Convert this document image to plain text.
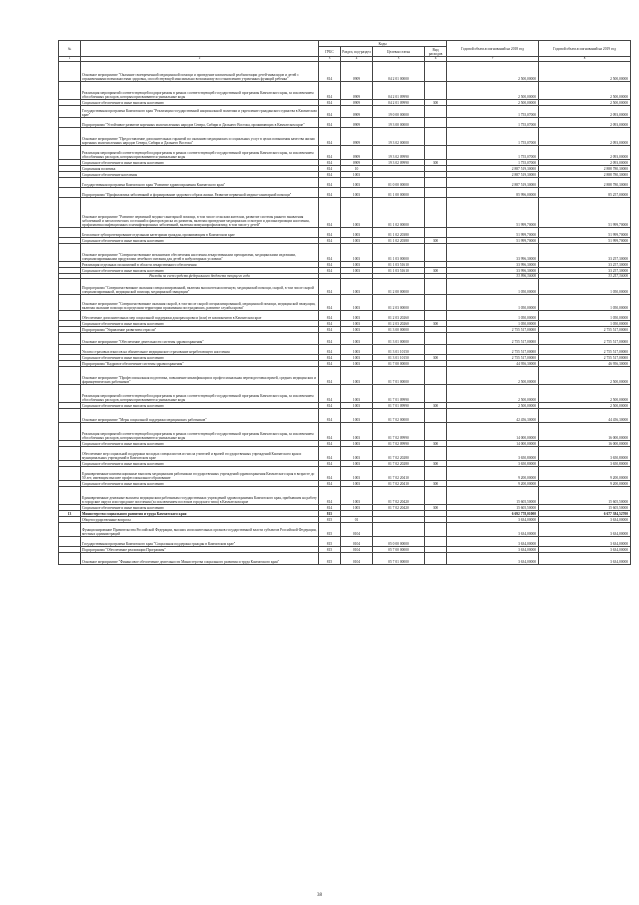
№		Коды				Годовой объем ассигнований на 2018 год	Годовой объем ассигнований на 2019 год
		ГРБС	Раздел, под-раздел	Целевая статья	Вид расходов		
1	2	3	4	5	6	7	8
	Основное мероприятие "Оказание своевременной медицинской помощи и проведение комплексной реабилитации детей-инвалидов и детей с ограниченными возможностями здоровья, способствующей максимально возможному восстановлению утраченных функций ребенка"	814	0909	04 2 01 00000		2 500,00000	2 500,00000
	Реализация мероприятий соответствующей подпрограммы в рамках соответствующей государственной программы Камчатского края, за исключением обособленных расходов, которым присваиваются уникальные коды	814	0909	04 2 01 09990		2 500,00000	2 500,00000
	Социальное обеспечение и иные выплаты населению	814	0909	04 2 01 09990	300	2 500,00000	2 500,00000
	Государственная программа Камчатского края "Реализация государственной национальной политики и укрепление гражданского единства в Камчатском крае"	814	0909	19 0 00 00000		1 755,07000	2 093,00000
	Подпрограмма "Устойчивое развитие коренных малочисленных народов Севера, Сибири и Дальнего Востока, проживающих в Камчатском крае"	814	0909	19 3 00 00000		1 755,07000	2 093,00000
	Основное мероприятие "Предоставление дополнительных гарантий по оказанию медицинских и социальных услуг в целях повышения качества жизни коренных малочисленных народов Севера, Сибири и Дальнего Востока"	814	0909	19 3 02 00000		1 755,07000	2 093,00000
	Реализация мероприятий соответствующей подпрограммы в рамках соответствующей государственной программы Камчатского края, за исключением обособленных расходов, которым присваиваются уникальные коды	814	0909	19 3 02 09990		1 755,07000	2 093,00000
	Социальное обеспечение и иные выплаты населению	814	0909	19 3 02 09990	300	1 755,07000	2 093,00000
	Социальная политика	814	10			2 887 519,30000	2 888 780,30000
	Социальное обеспечение населения	814	1003			2 887 519,30000	2 888 780,30000
	Государственная программа Камчатского края "Развитие здравоохранения Камчатского края"	814	1003	01 0 00 00000		2 887 519,30000	2 888 780,30000
	Подпрограмма "Профилактика заболеваний и формирование здорового образа жизни. Развитие первичной медико-санитарной помощи"	814	1003	01 1 00 00000		85 996,00000	85 257,00000
	Основное мероприятие "Развитие первичной медико-санитарной помощи, в том числе сельским жителям, развитие системы раннего выявления заболеваний и патологических состояний и факторов риска их развития, включая проведение медицинских осмотров и диспансеризации населения, профилактика инфекционных и неинфекционных заболеваний, включая иммунопрофилактику, в том числе у детей"	814	1003	01 1 02 00000		51 999,70000	51 999,70000
	Бесплатное зубопротезирование отдельным категориям граждан, проживающим в Камчатском крае	814	1003	01 1 02 20380		51 999,70000	51 999,70000
	Социальное обеспечение и иные выплаты населению	814	1003	01 1 02 20380	300	51 999,70000	51 999,70000
	Основное мероприятие "Совершенствование механизмов обеспечения населения лекарственными препаратами, медицинскими изделиями, специализированными продуктами лечебного питания для детей в амбулаторных условиях"	814	1003	01 1 03 00000		33 996,30000	33 257,30000
	Реализация отдельных полномочий в области лекарственного обеспечения	814	1003	01 1 03 51610		33 996,30000	33 257,30000
	Социальное обеспечение и иные выплаты населению	814	1003	01 1 03 51610	300	33 996,30000	33 257,30000
	Расходы за счет средств федерального бюджета текущего года					33 996,30000	33 257,30000
	Подпрограмма "Совершенствование оказания специализированной, включая высокотехнологичную, медицинской помощи, скорой, в том числе скорой специализированной, медицинской помощи, медицинской эвакуации"	814	1003	01 2 00 00000		1 050,00000	1 050,00000
	Основное мероприятие "Совершенствование оказания скорой, в том числе скорой специализированной, медицинской помощи, медицинской эвакуации, включая оказание помощи за пределами территории проживания пострадавших, развитие службы крови"	814	1003	01 2 03 00000		1 050,00000	1 050,00000
	Обеспечение дополнительных мер социальной поддержки донорам крови и (или) ее компонентов в Камчатском крае	814	1003	01 2 03 20260		1 050,00000	1 050,00000
	Социальное обеспечение и иные выплаты населению	814	1003	01 2 03 20260	300	1 050,00000	1 050,00000
	Подпрограмма "Управление развитием отрасли"	814	1003	01 3 00 00000		2 755 517,00000	2 755 517,00000
	Основное мероприятие "Обеспечение деятельности системы здравоохранения"	814	1003	01 3 01 00000		2 755 517,00000	2 755 517,00000
	Уплата страховых взносов на обязательное медицинское страхование неработающего населения	814	1003	01 3 01 10150		2 755 517,00000	2 755 517,00000
	Социальное обеспечение и иные выплаты населению	814	1003	01 3 01 10150	300	2 755 517,00000	2 755 517,00000
	Подпрограмма "Кадровое обеспечение системы здравоохранения"	814	1003	01 7 00 00000		44 956,30000	46 956,30000
	Основное мероприятие "Профессиональная подготовка, повышение квалификации и профессиональная переподготовка врачей, средних медицинских и фармацевтических работников"	814	1003	01 7 01 00000		2 500,00000	2 500,00000
	Реализация мероприятий соответствующей подпрограммы в рамках соответствующей государственной программы Камчатского края, за исключением обособленных расходов, которым присваиваются уникальные коды	814	1003	01 7 01 09990		2 500,00000	2 500,00000
	Социальное обеспечение и иные выплаты населению	814	1003	01 7 01 09990	300	2 500,00000	2 500,00000
	Основное мероприятие "Меры социальной поддержки медицинских работников"	814	1003	01 7 02 00000		42 456,30000	44 456,30000
	Реализация мероприятий соответствующей подпрограммы в рамках соответствующей государственной программы Камчатского края, за исключением обособленных расходов, которым присваиваются уникальные коды	814	1003	01 7 02 09990		14 000,00000	16 000,00000
	Социальное обеспечение и иные выплаты населению	814	1003	01 7 02 09990	300	14 000,00000	16 000,00000
	Обеспечение мер социальной поддержки молодых специалистов из числа учителей и врачей государственных учреждений Камчатского края и муниципальных учреждений в Камчатском крае	814	1003	01 7 02 20280		3 650,80000	3 650,80000
	Социальное обеспечение и иные выплаты населению	814	1003	01 7 02 20280	300	3 650,80000	3 650,80000
	Единовременные компенсационные выплаты медицинским работникам государственных учреждений здравоохранения Камчатского края в возрасте до 50 лет, имеющим высшее профессиональное образование	814	1003	01 7 02 20410		9 200,00000	9 200,00000
	Социальное обеспечение и иные выплаты населению	814	1003	01 7 02 20410	300	9 200,00000	9 200,00000
	Единовременные денежные выплаты медицинским работникам государственных учреждений здравоохранения Камчатского края, прибывшим на работу в городские округа или городские поселения (за исключением поселков городского типа) в Камчатском крае	814	1003	01 7 02 20420		15 605,50000	15 605,50000
	Социальное обеспечение и иные выплаты населению	814	1003	01 7 02 20420	300	15 605,50000	15 605,50000
13	Министерство социального развития и труда Камчатского края	815				6 692 778,01000	6 677 384,52700
	Общегосударственные вопросы	815	01			3 634,00000	3 634,00000
	Функционирование Правительства Российской Федерации, высших исполнительных органов государственной власти субъектов Российской Федерации, местных администраций	815	0104			3 634,00000	3 634,00000
	Государственная программа Камчатского края "Социальная поддержка граждан в Камчатском крае"	815	0104	05 0 00 00000		3 634,00000	3 634,00000
	Подпрограмма "Обеспечение реализации Программы"	815	0104	05 7 00 00000		3 634,00000	3 634,00000
	Основное мероприятие "Финансовое обеспечение деятельности Министерства социального развития и труда Камчатского края"	815	0104	05 7 01 00000		3 634,00000	3 634,00000
38
